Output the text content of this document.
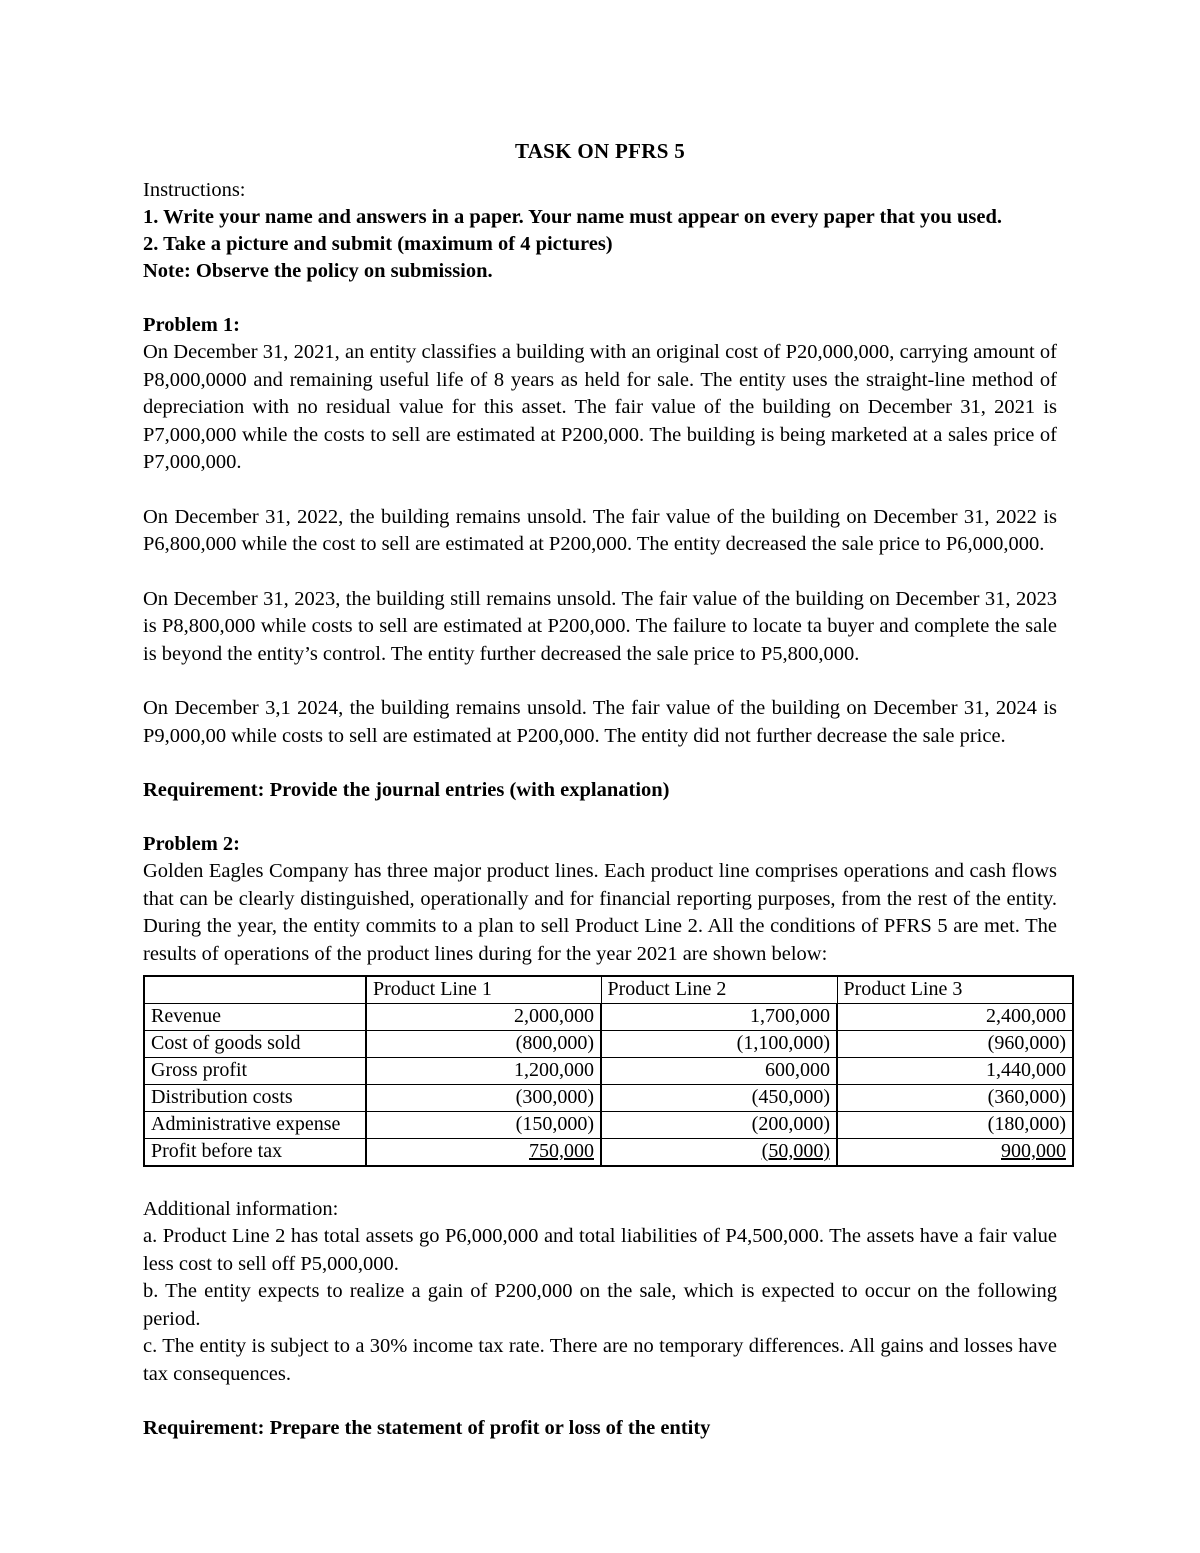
TASK ON PFRS 5

Instructions:

1. Write your name and answers in a paper. Your name must appear on every paper that you used.

2. Take a picture and submit (maximum of 4 pictures)

Note: Observe the policy on submission.

Problem 1:

On December 31, 2021, an entity classifies a building with an original cost of P20,000,000, carrying amount of P8,000,0000 and remaining useful life of 8 years as held for sale. The entity uses the straight-line method of depreciation with no residual value for this asset. The fair value of the building on December 31, 2021 is P7,000,000 while the costs to sell are estimated at P200,000. The building is being marketed at a sales price of P7,000,000.

On December 31, 2022, the building remains unsold. The fair value of the building on December 31, 2022 is P6,800,000 while the cost to sell are estimated at P200,000. The entity decreased the sale price to P6,000,000.

On December 31, 2023, the building still remains unsold. The fair value of the building on December 31, 2023 is P8,800,000 while costs to sell are estimated at P200,000. The failure to locate ta buyer and complete the sale is beyond the entity’s control. The entity further decreased the sale price to P5,800,000.

On December 3,1 2024, the building remains unsold. The fair value of the building on December 31, 2024 is P9,000,00 while costs to sell are estimated at P200,000. The entity did not further decrease the sale price.

Requirement: Provide the journal entries (with explanation)

Problem 2:

Golden Eagles Company has three major product lines. Each product line comprises operations and cash flows that can be clearly distinguished, operationally and for financial reporting purposes, from the rest of the entity. During the year, the entity commits to a plan to sell Product Line 2. All the conditions of PFRS 5 are met. The results of operations of the product lines during for the year 2021 are shown below:

	Product Line 1	Product Line 2	Product Line 3
Revenue	2,000,000	1,700,000	2,400,000
Cost of goods sold	(800,000)	(1,100,000)	(960,000)
Gross profit	1,200,000	600,000	1,440,000
Distribution costs	(300,000)	(450,000)	(360,000)
Administrative expense	(150,000)	(200,000)	(180,000)
Profit before tax	750,000	(50,000)	900,000

Additional information:

a. Product Line 2 has total assets go P6,000,000 and total liabilities of P4,500,000. The assets have a fair value less cost to sell off P5,000,000.

b. The entity expects to realize a gain of P200,000 on the sale, which is expected to occur on the following period.

c. The entity is subject to a 30% income tax rate. There are no temporary differences. All gains and losses have tax consequences.

Requirement: Prepare the statement of profit or loss of the entity
